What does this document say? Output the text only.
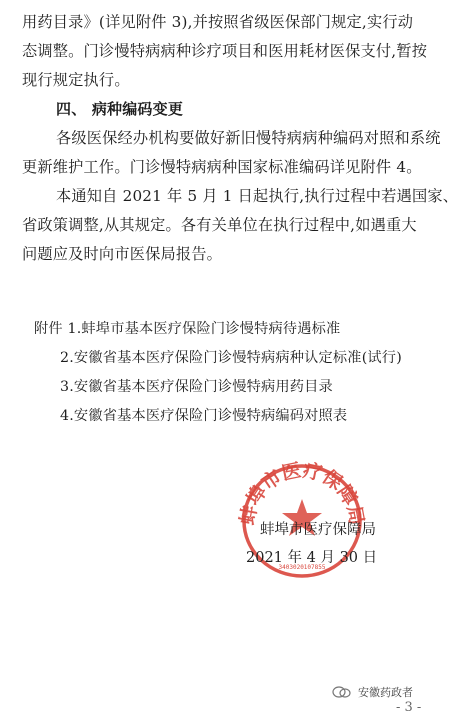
用药目录》(详见附件 3),并按照省级医保部门规定,实行动
态调整。门诊慢特病病种诊疗项目和医用耗材医保支付,暂按
现行规定执行。
四、 病种编码变更
各级医保经办机构要做好新旧慢特病病种编码对照和系统
更新维护工作。门诊慢特病病种国家标准编码详见附件 4。
本通知自 2021 年 5 月 1 日起执行,执行过程中若遇国家、
省政策调整,从其规定。各有关单位在执行过程中,如遇重大
问题应及时向市医保局报告。
附件 1.蚌埠市基本医疗保险门诊慢特病待遇标准
2.安徽省基本医疗保险门诊慢特病病种认定标准(试行)
3.安徽省基本医疗保险门诊慢特病用药目录
4.安徽省基本医疗保险门诊慢特病编码对照表
蚌埠市医疗保障局
3403020107855
蚌埠市医疗保障局
2021 年 4 月 30 日
安徽药政者
- 3 -
